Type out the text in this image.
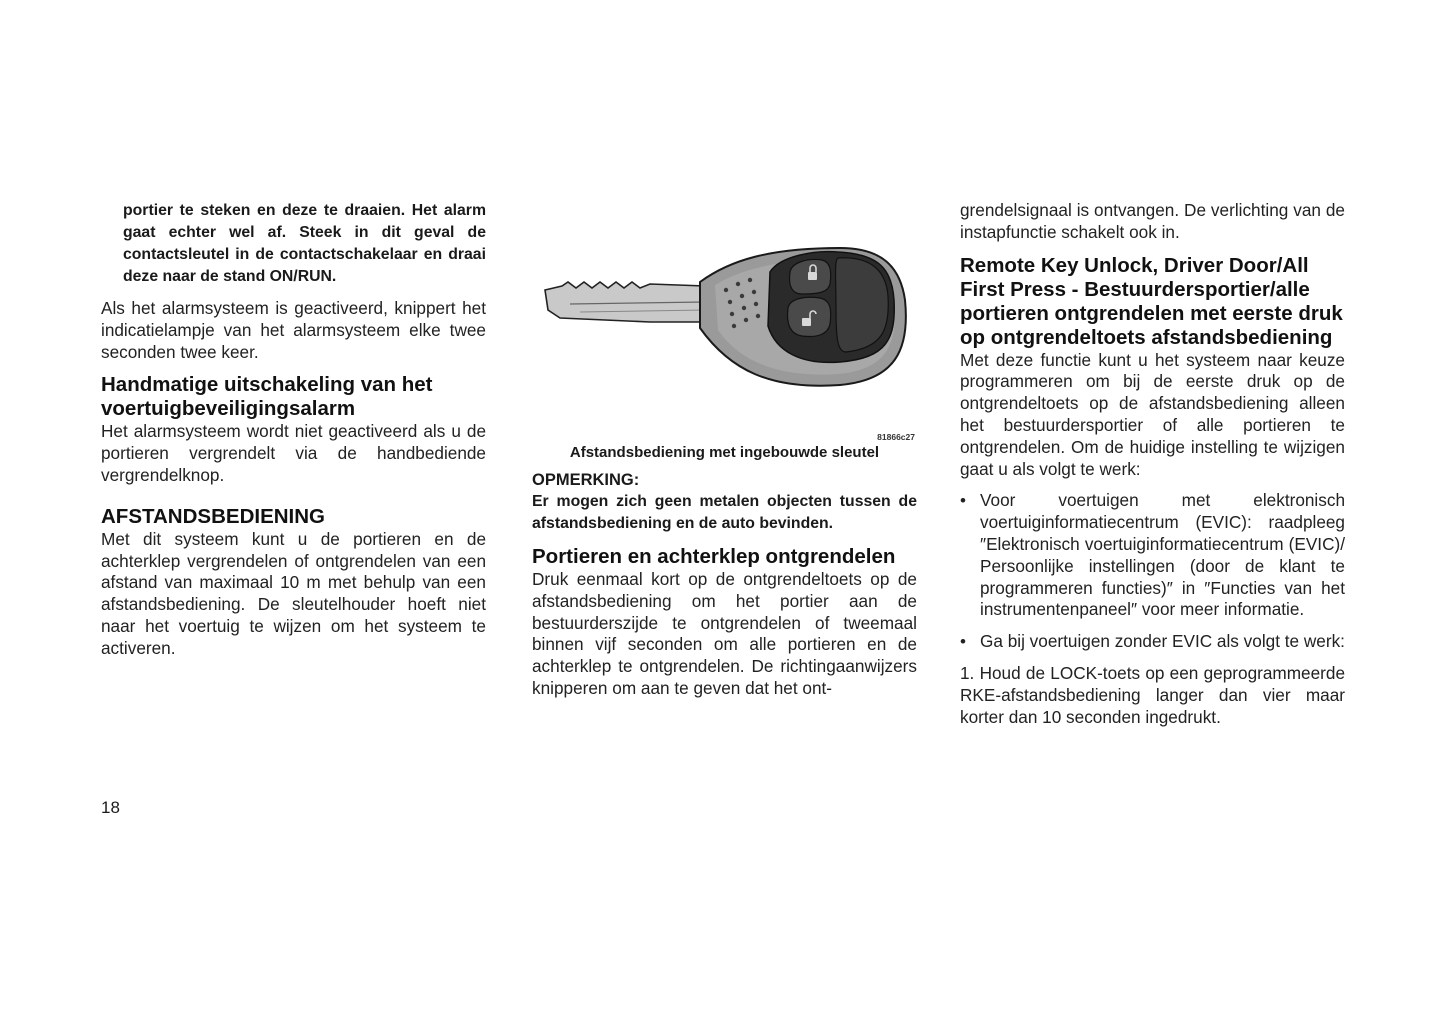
portier te steken en deze te draaien. Het alarm gaat echter wel af. Steek in dit geval de contactsleutel in de contactschakelaar en draai deze naar de stand ON/RUN.

Als het alarmsysteem is geactiveerd, knippert het indicatielampje van het alarmsysteem elke twee seconden twee keer.

Handmatige uitschakeling van het voertuigbeveiligingsalarm

Het alarmsysteem wordt niet geactiveerd als u de portieren vergrendelt via de handbediende vergrendelknop.

AFSTANDSBEDIENING

Met dit systeem kunt u de portieren en de achterklep vergrendelen of ontgrendelen van een afstand van maximaal 10 m met behulp van een afstandsbediening. De sleutelhouder hoeft niet naar het voertuig te wijzen om het systeem te activeren.

81866c27

Afstandsbediening met ingebouwde sleutel

OPMERKING:

Er mogen zich geen metalen objecten tussen de afstandsbediening en de auto bevinden.

Portieren en achterklep ontgrendelen

Druk eenmaal kort op de ontgrendeltoets op de afstandsbediening om het portier aan de bestuurderszijde te ontgrendelen of tweemaal binnen vijf seconden om alle portieren en de achterklep te ontgrendelen. De richtingaanwijzers knipperen om aan te geven dat het ont-

grendelsignaal is ontvangen. De verlichting van de instapfunctie schakelt ook in.

Remote Key Unlock, Driver Door/All First Press - Bestuurdersportier/alle portieren ontgrendelen met eerste druk op ontgrendeltoets afstandsbediening

Met deze functie kunt u het systeem naar keuze programmeren om bij de eerste druk op de ontgrendeltoets op de afstandsbediening alleen het bestuurdersportier of alle portieren te ontgrendelen. Om de huidige instelling te wijzigen gaat u als volgt te werk:

• Voor voertuigen met elektronisch voertuiginformatiecentrum (EVIC): raadpleeg ″Elektronisch voertuiginformatiecentrum (EVIC)/ Persoonlijke instellingen (door de klant te programmeren functies)″ in ″Functies van het instrumentenpaneel″ voor meer informatie.
• Ga bij voertuigen zonder EVIC als volgt te werk:

1. Houd de LOCK-toets op een geprogrammeerde RKE-afstandsbediening langer dan vier maar korter dan 10 seconden ingedrukt.

18
